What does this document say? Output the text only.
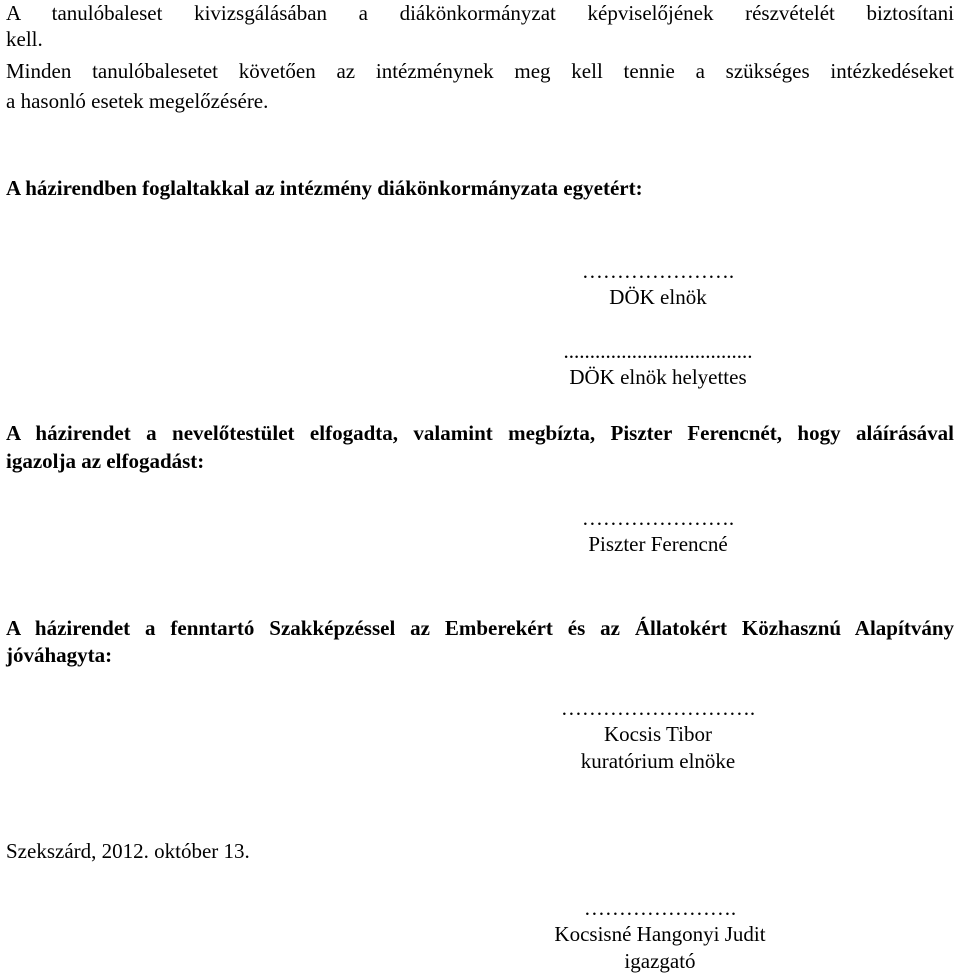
A tanulóbaleset kivizsgálásában a diákönkormányzat képviselőjének részvételét biztosítani
kell.
Minden tanulóbalesetet követően az intézménynek meg kell tennie a szükséges intézkedéseket
a hasonló esetek megelőzésére.
A házirendben foglaltakkal az intézmény diákönkormányzata egyetért:
………………….
DÖK elnök
....................................
DÖK elnök helyettes
A házirendet a nevelőtestület elfogadta, valamint megbízta, Piszter Ferencnét, hogy aláírásával
igazolja az elfogadást:
………………….
Piszter Ferencné
A házirendet a fenntartó Szakképzéssel az Emberekért és az Állatokért Közhasznú Alapítvány
jóváhagyta:
……………………….
Kocsis Tibor
kuratórium elnöke
Szekszárd, 2012. október 13.
………………….
Kocsisné Hangonyi Judit
igazgató
